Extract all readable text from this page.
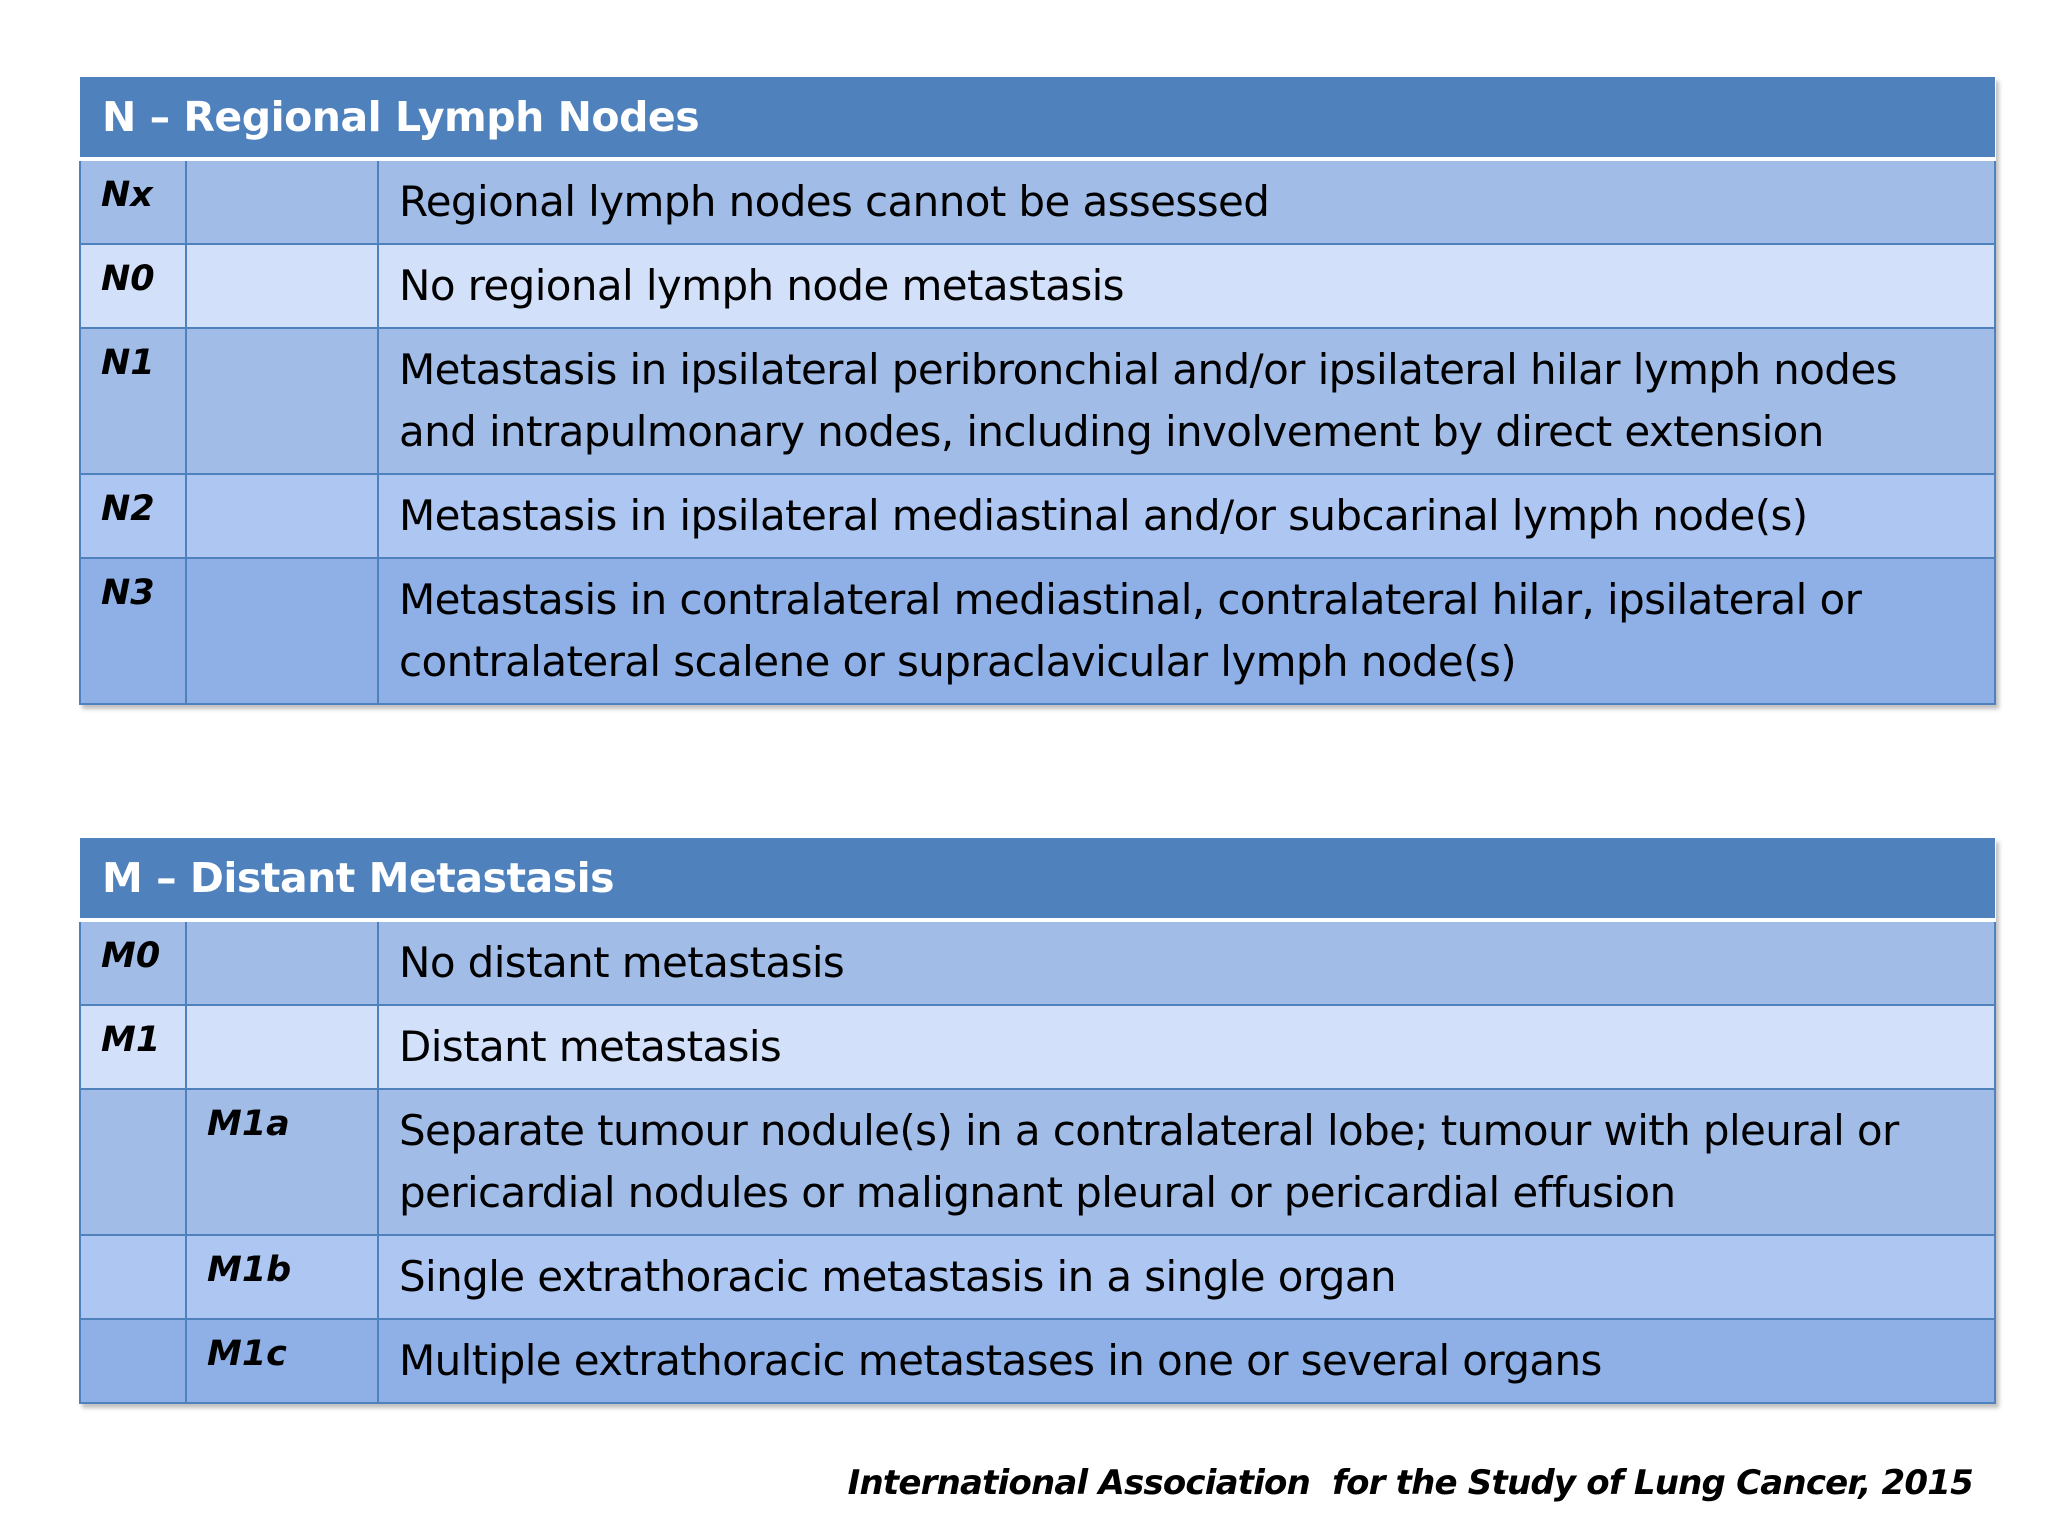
N – Regional Lymph Nodes		
Nx		Regional lymph nodes cannot be assessed
N0		No regional lymph node metastasis
N1		Metastasis in ipsilateral peribronchial and/or ipsilateral hilar lymph nodes and intrapulmonary nodes, including involvement by direct extension
N2		Metastasis in ipsilateral mediastinal and/or subcarinal lymph node(s)
N3		Metastasis in contralateral mediastinal, contralateral hilar, ipsilateral or contralateral scalene or supraclavicular lymph node(s)
M – Distant Metastasis		
M0		No distant metastasis
M1		Distant metastasis
	M1a	Separate tumour nodule(s) in a contralateral lobe; tumour with pleural or pericardial nodules or malignant pleural or pericardial effusion
	M1b	Single extrathoracic metastasis in a single organ
	M1c	Multiple extrathoracic metastases in one or several organs
International Association  for the Study of Lung Cancer, 2015
